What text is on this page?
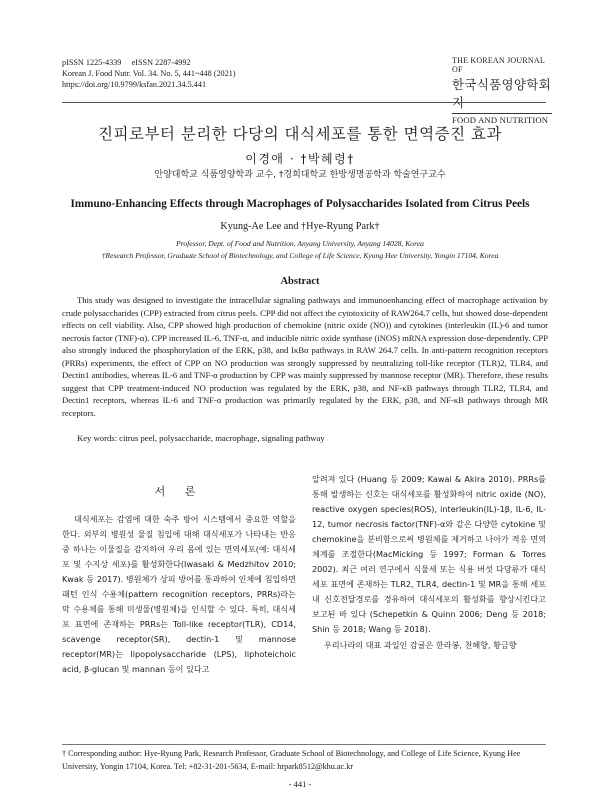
pISSN 1225-4339     eISSN 2287-4992
Korean J. Food Nutr. Vol. 34. No. 5, 441~448 (2021)
https://doi.org/10.9799/ksfan.2021.34.5.441
THE KOREAN JOURNAL OF
한국식품영양학회지
FOOD AND NUTRITION
진피로부터 분리한 다당의 대식세포를 통한 면역증진 효과
이경애 · †박혜령†
안양대학교 식품영양학과 교수, †경희대학교 한방생명공학과 학술연구교수
Immuno-Enhancing Effects through Macrophages of Polysaccharides Isolated from Citrus Peels
Kyung-Ae Lee and †Hye-Ryung Park†
Professor, Dept. of Food and Nutrition, Anyang University, Anyang 14028, Korea
†Research Professor, Graduate School of Biotechnology, and College of Life Science, Kyung Hee University, Yongin 17104, Korea
Abstract

This study was designed to investigate the intracellular signaling pathways and immunoenhancing effect of macrophage activation by crude polysaccharides (CPP) extracted from citrus peels. CPP did not affect the cytotoxicity of RAW264.7 cells, but showed dose-dependent effects on cell viability. Also, CPP showed high production of chemokine (nitric oxide (NO)) and cytokines (interleukin (IL)-6 and tumor necrosis factor (TNF)-α). CPP increased IL-6, TNF-α, and inducible nitric oxide synthase (iNOS) mRNA expression dose-dependently. CPP also strongly induced the phosphorylation of the ERK, p38, and IκBα pathways in RAW 264.7 cells. In anti-pattern recognition receptors (PRRs) experiments, the effect of CPP on NO production was strongly suppressed by neutralizing toll-like receptor (TLR)2, TLR4, and Dectin1 antibodies, whereas IL-6 and TNF-α production by CPP was mainly suppressed by mannose receptor (MR). Therefore, these results suggest that CPP treatment-induced NO production was regulated by the ERK, p38, and NF-κB pathways through TLR2, TLR4, and Dectin1 receptors, whereas IL-6 and TNF-α production was primarily regulated by the ERK, p38, and NF-κB pathways through MR receptors.

Key words: citrus peel, polysaccharide, macrophage, signaling pathway
서 론

대식세포는 감염에 대한 숙주 방어 시스템에서 중요한 역할을 한다. 외부의 병원성 물질 침입에 대해 대식세포가 나타내는 반응 중 하나는 이물질을 감지하여 우리 몸에 있는 면역세포(예: 대식세포 및 수지상 세포)를 활성화한다(Iwasaki & Medzhitov 2010; Kwak 등 2017). 병원체가 상피 방어를 통과하여 인체에 침입하면 패턴 인식 수용체(pattern recognition receptors, PRRs)라는 막 수용체를 통해 미생물(병원체)을 인식할 수 있다. 특히, 대식세포 표면에 존재하는 PRRs는 Toll-like receptor(TLR), CD14, scavenge receptor(SR), dectin-1 및 mannose receptor(MR)는 lipopolysaccharide (LPS), liphoteichoic acid, β-glucan 및 mannan 등이 있다고

알려져 있다 (Huang 등 2009; Kawai & Akira 2010). PRRs를 통해 발생하는 신호는 대식세포를 활성화하여 nitric oxide (NO), reactive oxygen species(ROS), interleukin(IL)-1β, IL-6, IL-12, tumor necrosis factor(TNF)-α와 같은 다양한 cytokine 및 chemokine을 분비함으로써 병원체를 제거하고 나아가 적응 면역 체계를 조절한다(MacMicking 등 1997; Forman & Torres 2002). 최근 여러 연구에서 식물세 또는 식용 버섯 다당류가 대식세포 표면에 존재하는 TLR2, TLR4, dectin-1 및 MR을 통해 세포내 신호전달경로를 경유하여 대식세포의 활성화를 향상시킨다고 보고된 바 있다 (Schepetkin & Quinn 2006; Deng 등 2018; Shin 등 2018; Wang 등 2018).

우리나라의 대표 과일인 감귤은 한라봉, 천혜향, 황금향

† Corresponding author: Hye-Ryung Park, Research Professor, Graduate School of Biotechnology, and College of Life Science, Kyung Hee University, Yongin 17104, Korea. Tel: +82-31-201-5634, E-mail: hrpark8512@khu.ac.kr
- 441 -
